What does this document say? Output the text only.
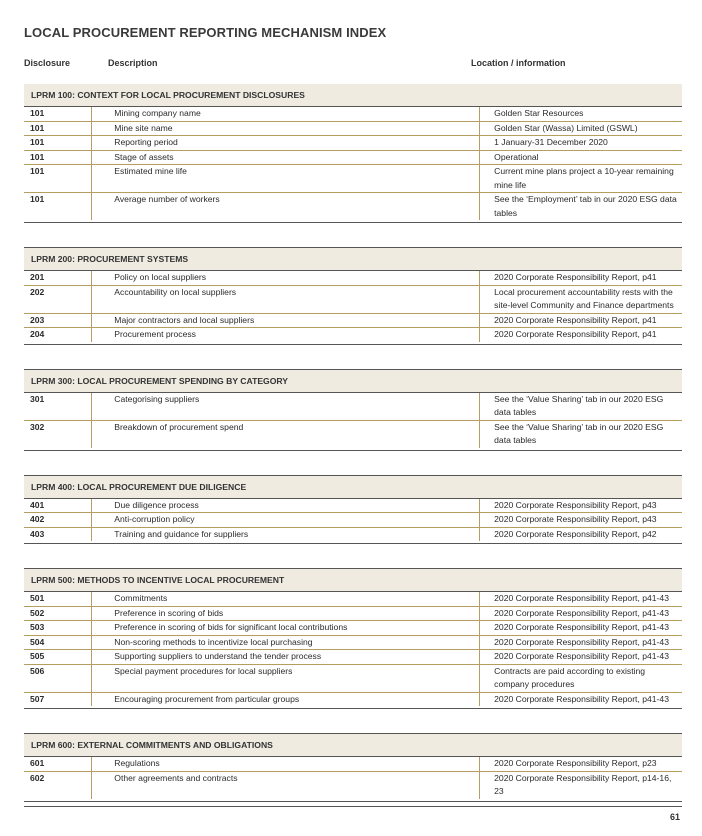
LOCAL PROCUREMENT REPORTING MECHANISM INDEX
Disclosure	Description	Location / information
LPRM 100: CONTEXT FOR LOCAL PROCUREMENT DISCLOSURES
101	Mining company name	Golden Star Resources
101	Mine site name	Golden Star (Wassa) Limited (GSWL)
101	Reporting period	1 January-31 December 2020
101	Stage of assets	Operational
101	Estimated mine life	Current mine plans project a 10-year remaining mine life
101	Average number of workers	See the ‘Employment’ tab in our 2020 ESG data tables
LPRM 200: PROCUREMENT SYSTEMS
201	Policy on local suppliers	2020 Corporate Responsibility Report, p41
202	Accountability on local suppliers	Local procurement accountability rests with the site-level Community and Finance departments
203	Major contractors and local suppliers	2020 Corporate Responsibility Report, p41
204	Procurement process	2020 Corporate Responsibility Report, p41
LPRM 300: LOCAL PROCUREMENT SPENDING BY CATEGORY
301	Categorising suppliers	See the ‘Value Sharing’ tab in our 2020 ESG data tables
302	Breakdown of procurement spend	See the ‘Value Sharing’ tab in our 2020 ESG data tables
LPRM 400: LOCAL PROCUREMENT DUE DILIGENCE
401	Due diligence process	2020 Corporate Responsibility Report, p43
402	Anti-corruption policy	2020 Corporate Responsibility Report, p43
403	Training and guidance for suppliers	2020 Corporate Responsibility Report, p42
LPRM 500: METHODS TO INCENTIVE LOCAL PROCUREMENT
501	Commitments	2020 Corporate Responsibility Report, p41-43
502	Preference in scoring of bids	2020 Corporate Responsibility Report, p41-43
503	Preference in scoring of bids for significant local contributions	2020 Corporate Responsibility Report, p41-43
504	Non-scoring methods to incentivize local purchasing	2020 Corporate Responsibility Report, p41-43
505	Supporting suppliers to understand the tender process	2020 Corporate Responsibility Report, p41-43
506	Special payment procedures for local suppliers	Contracts are paid according to existing company procedures
507	Encouraging procurement from particular groups	2020 Corporate Responsibility Report, p41-43
LPRM 600: EXTERNAL COMMITMENTS AND OBLIGATIONS
601	Regulations	2020 Corporate Responsibility Report, p23
602	Other agreements and contracts	2020 Corporate Responsibility Report, p14-16, 23
61
